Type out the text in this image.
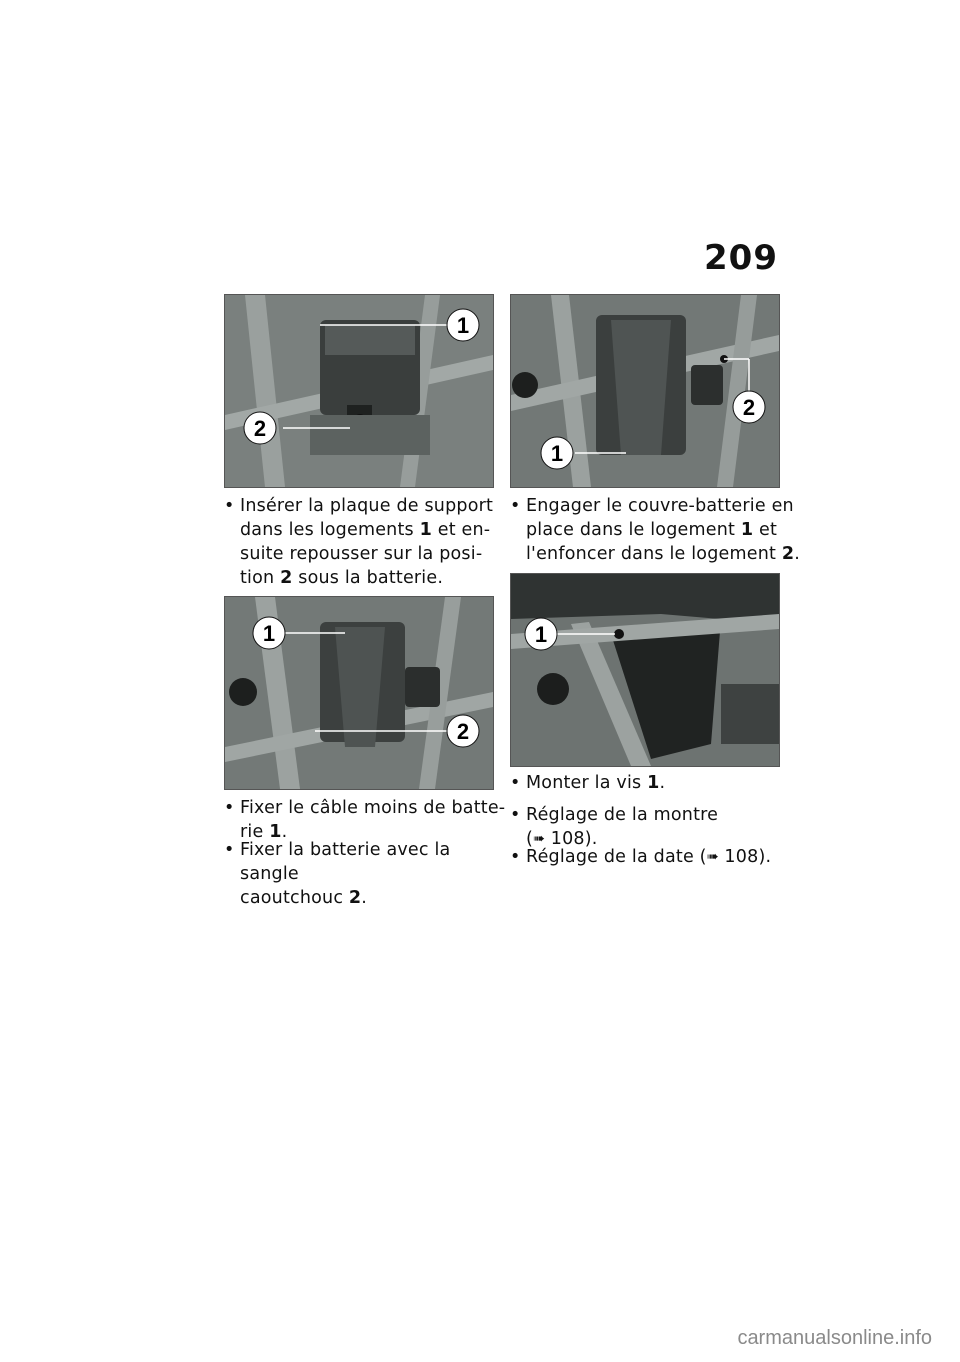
209
1
2
• Insérer la plaque de support
dans les logements 1 et en-
suite repousser sur la posi-
tion 2 sous la batterie.
1
2
• Fixer le câble moins de batte-
rie 1.
• Fixer la batterie avec la sangle
caoutchouc 2.
1
2
• Engager le couvre-batterie en
place dans le logement 1 et
l'enfoncer dans le logement 2.
1
• Monter la vis 1.
• Réglage de la montre
(➠ 108).
• Réglage de la date (➠ 108).
carmanualsonline.info
